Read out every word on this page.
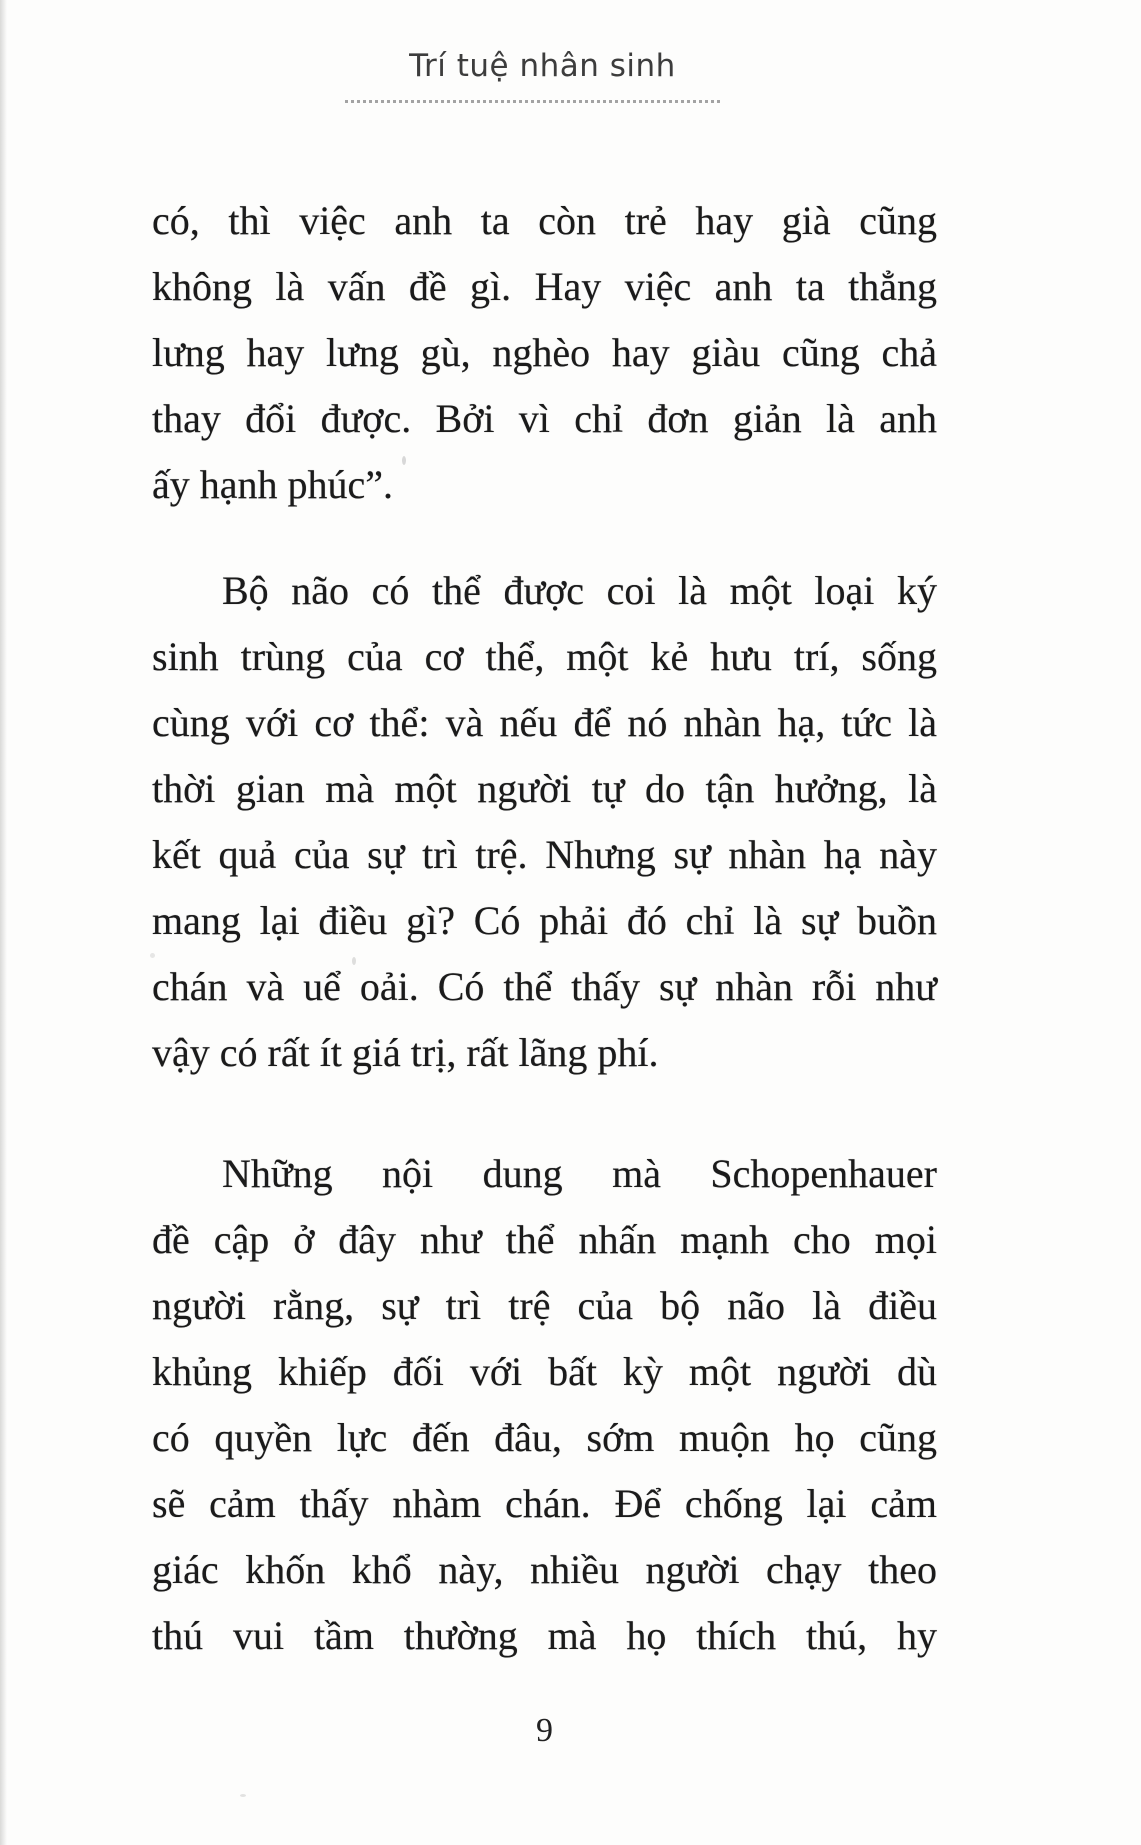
Trí tuệ nhân sinh
có, thì việc anh ta còn trẻ hay già cũng
không là vấn đề gì. Hay việc anh ta thẳng
lưng hay lưng gù, nghèo hay giàu cũng chả
thay đổi được. Bởi vì chỉ đơn giản là anh
ấy hạnh phúc”.
Bộ não có thể được coi là một loại ký
sinh trùng của cơ thể, một kẻ hưu trí, sống
cùng với cơ thể: và nếu để nó nhàn hạ, tức là
thời gian mà một người tự do tận hưởng, là
kết quả của sự trì trệ. Nhưng sự nhàn hạ này
mang lại điều gì? Có phải đó chỉ là sự buồn
chán và uể oải. Có thể thấy sự nhàn rỗi như
vậy có rất ít giá trị, rất lãng phí.
Những nội dung mà Schopenhauer
đề cập ở đây như thể nhấn mạnh cho mọi
người rằng, sự trì trệ của bộ não là điều
khủng khiếp đối với bất kỳ một người dù
có quyền lực đến đâu, sớm muộn họ cũng
sẽ cảm thấy nhàm chán. Để chống lại cảm
giác khốn khổ này, nhiều người chạy theo
thú vui tầm thường mà họ thích thú, hy
9
